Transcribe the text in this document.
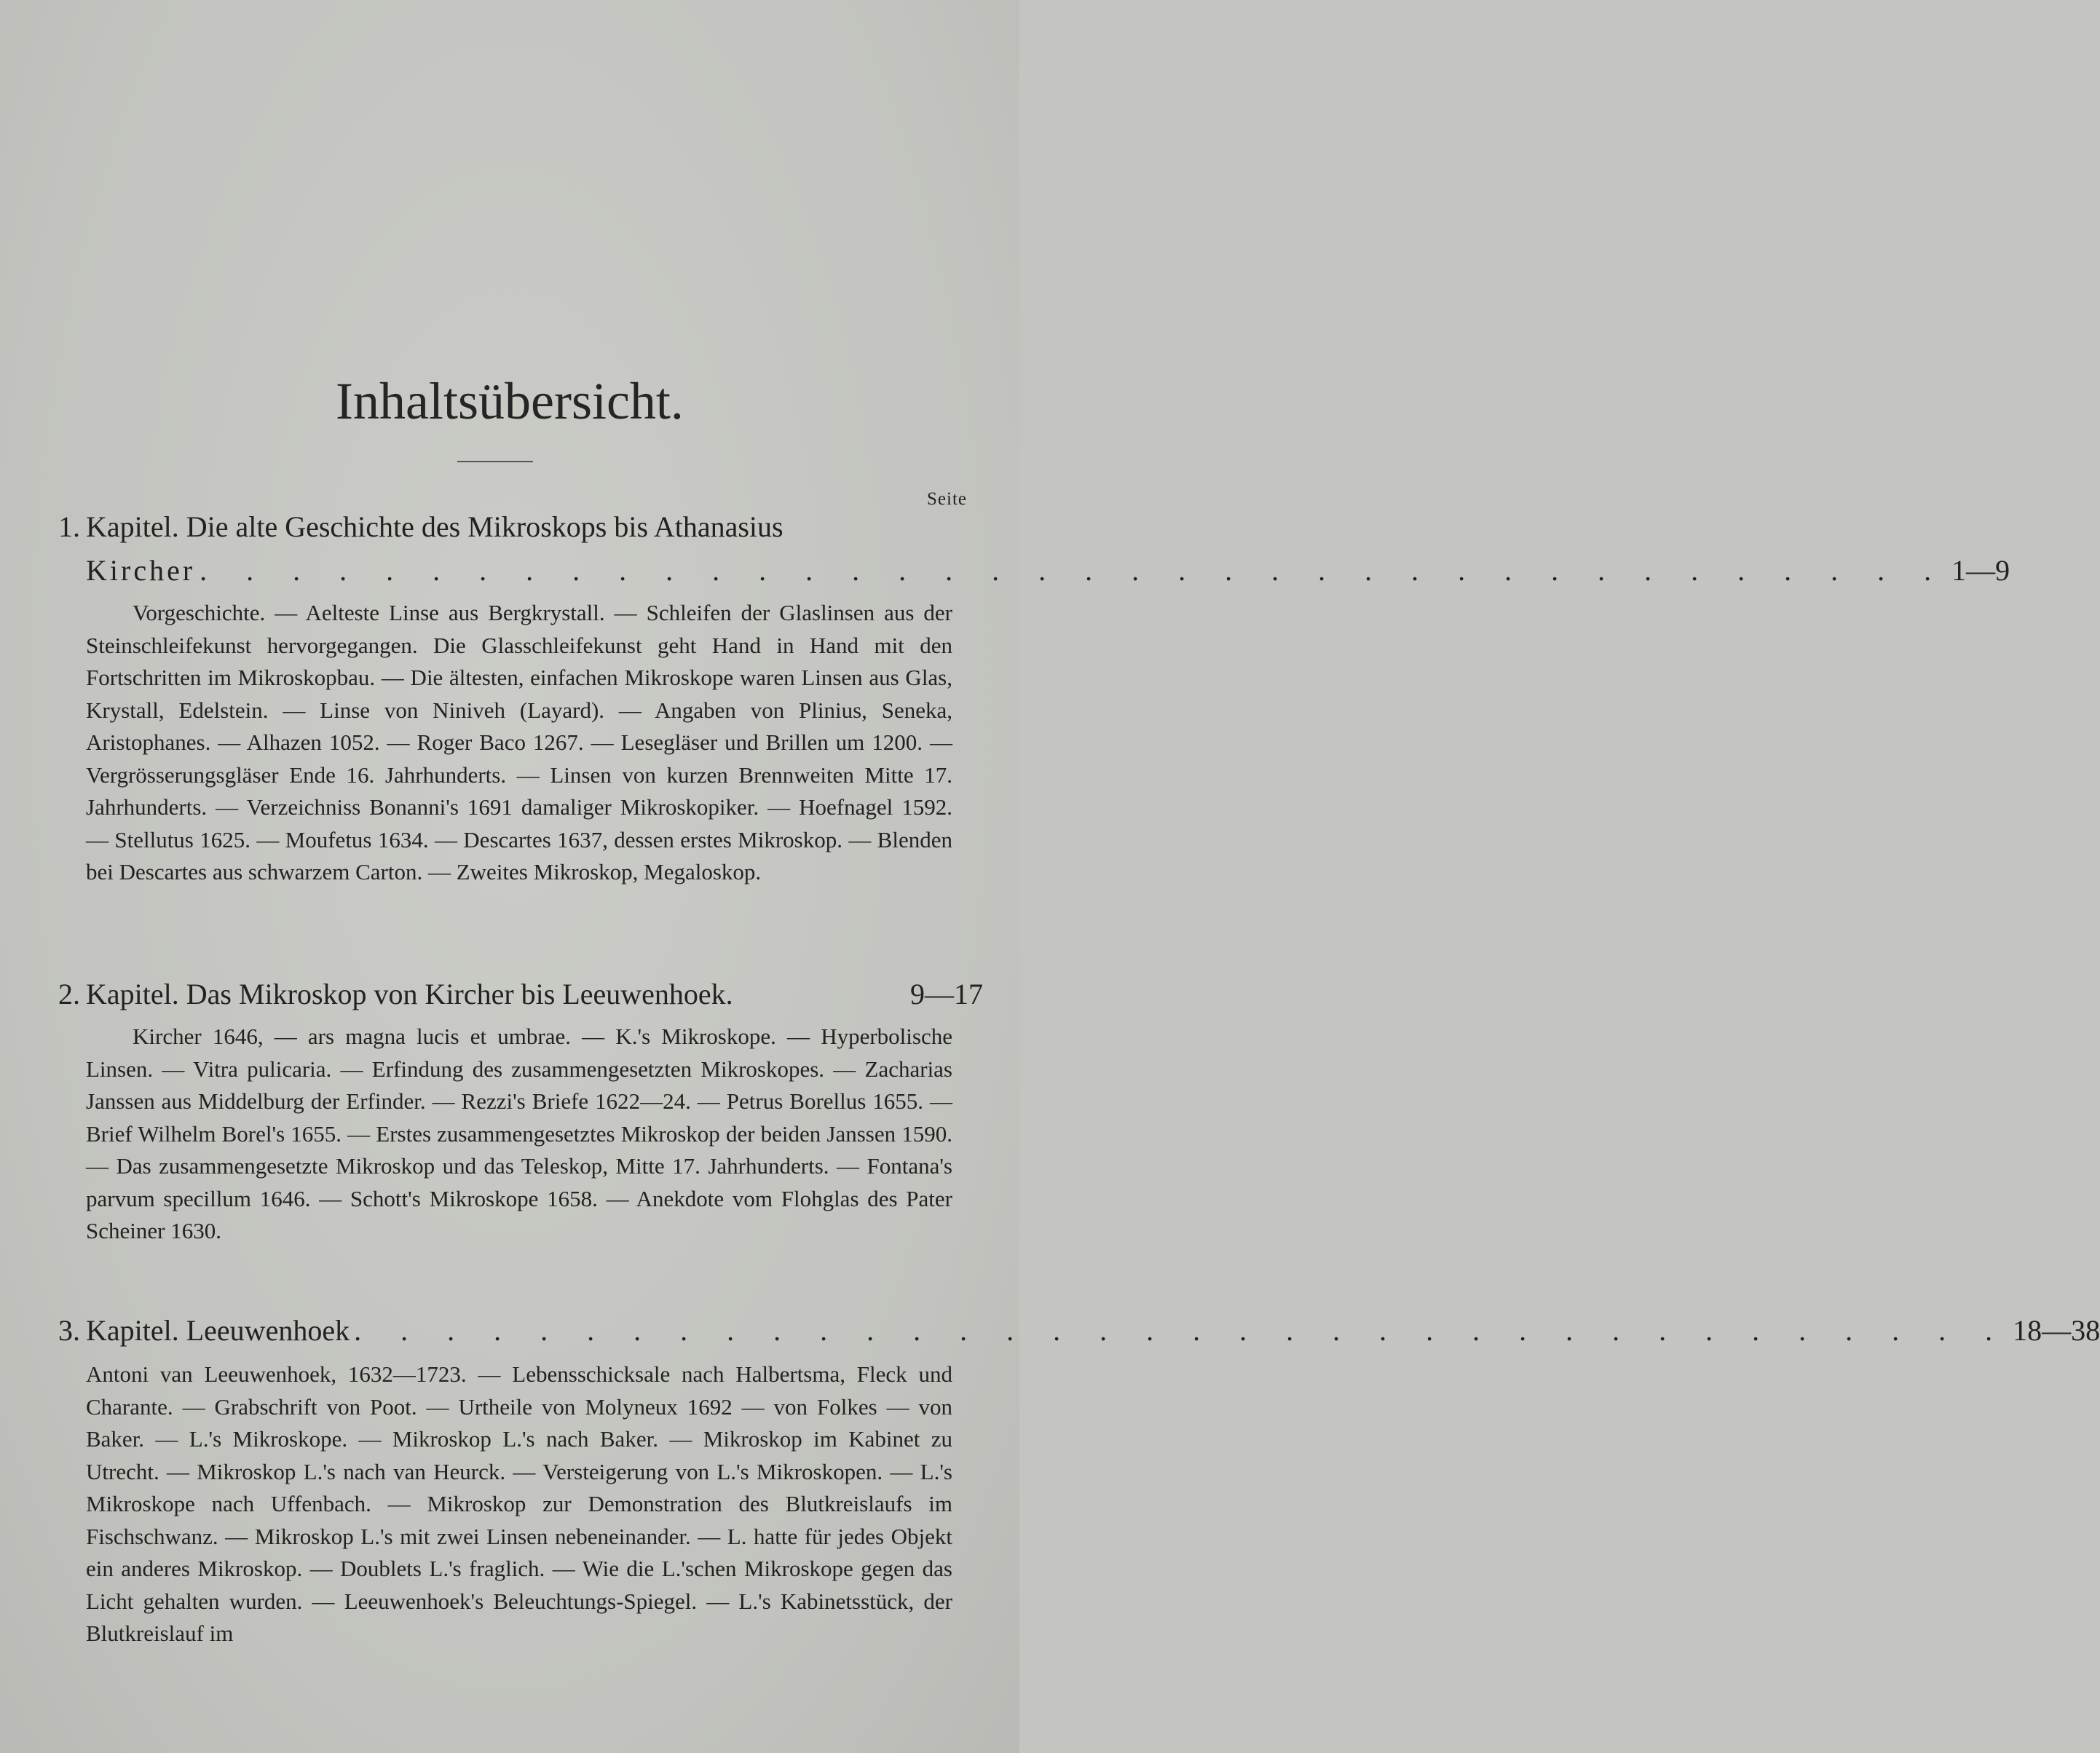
Inhaltsübersicht.
Seite
1. Kapitel. Die alte Geschichte des Mikroskops bis Athanasius
Kircher . . . . . . . . . . . . . . . . . . . . . . . . . . . . . . . . . . . . . . 1—9
Vorgeschichte. — Aelteste Linse aus Bergkrystall. — Schleifen der Glaslinsen aus der Steinschleifekunst hervorgegangen. Die Glasschleifekunst geht Hand in Hand mit den Fortschritten im Mikroskopbau. — Die ältesten, einfachen Mikroskope waren Linsen aus Glas, Krystall, Edelstein. — Linse von Niniveh (Layard). — Angaben von Plinius, Seneka, Aristophanes. — Alhazen 1052. — Roger Baco 1267. — Lesegläser und Brillen um 1200. — Vergrösserungsgläser Ende 16. Jahrhunderts. — Linsen von kurzen Brennweiten Mitte 17. Jahrhunderts. — Verzeichniss Bonanni's 1691 damaliger Mikroskopiker. — Hoefnagel 1592. — Stellutus 1625. — Moufetus 1634. — Descartes 1637, dessen erstes Mikroskop. — Blenden bei Descartes aus schwarzem Carton. — Zweites Mikroskop, Megaloskop.
2. Kapitel. Das Mikroskop von Kircher bis Leeuwenhoek.	9—17
Kircher 1646, — ars magna lucis et umbrae. — K.'s Mikroskope. — Hyperbolische Linsen. — Vitra pulicaria. — Erfindung des zusammengesetzten Mikroskopes. — Zacharias Janssen aus Middelburg der Erfinder. — Rezzi's Briefe 1622—24. — Petrus Borellus 1655. — Brief Wilhelm Borel's 1655. — Erstes zusammengesetztes Mikroskop der beiden Janssen 1590. — Das zusammengesetzte Mikroskop und das Teleskop, Mitte 17. Jahrhunderts. — Fontana's parvum specillum 1646. — Schott's Mikroskope 1658. — Anekdote vom Flohglas des Pater Scheiner 1630.
3. Kapitel. Leeuwenhoek . . . . . . . . . . . . . . . . . . . . . . . . . . . . . . . . . . . . 18—38
Antoni van Leeuwenhoek, 1632—1723. — Lebensschicksale nach Halbertsma, Fleck und Charante. — Grabschrift von Poot. — Urtheile von Molyneux 1692 — von Folkes — von Baker. — L.'s Mikroskope. — Mikroskop L.'s nach Baker. — Mikroskop im Kabinet zu Utrecht. — Mikroskop L.'s nach van Heurck. — Versteigerung von L.'s Mikroskopen. — L.'s Mikroskope nach Uffenbach. — Mikroskop zur Demonstration des Blutkreislaufs im Fischschwanz. — Mikroskop L.'s mit zwei Linsen nebeneinander. — L. hatte für jedes Objekt ein anderes Mikroskop. — Doublets L.'s fraglich. — Wie die L.'schen Mikroskope gegen das Licht gehalten wurden. — Leeuwenhoek's Beleuchtungs-Spiegel. — L.'s Kabinetsstück, der Blutkreislauf im
